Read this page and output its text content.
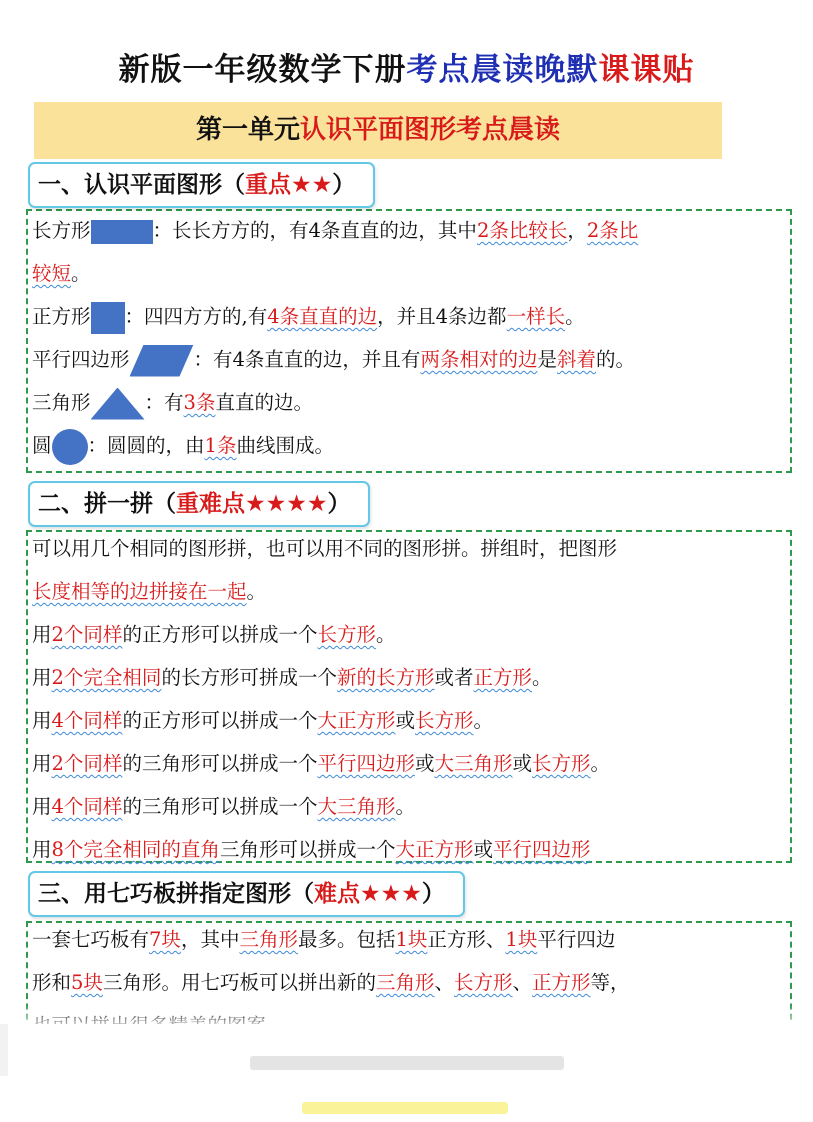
新版一年级数学下册考点晨读晚默课课贴
第一单元认识平面图形考点晨读
一、认识平面图形（重点★★）
长方形	：长长方方的，有4条直直的边，其中2条比较长，2条比
较短。
正方形 ：四四方方的,有4条直直的边，并且4条边都一样长。
平行四边形	：有4条直直的边，并且有两条相对的边是斜着的。
三角形	：有3条直直的边。
圆 ：圆圆的，由1条曲线围成。
二、拼一拼（重难点★★★★）
可以用几个相同的图形拼，也可以用不同的图形拼。拼组时，把图形
长度相等的边拼接在一起。
用2个同样的正方形可以拼成一个长方形。
用2个完全相同的长方形可拼成一个新的长方形或者正方形。
用4个同样的正方形可以拼成一个大正方形或长方形。
用2个同样的三角形可以拼成一个平行四边形或大三角形或长方形。
用4个同样的三角形可以拼成一个大三角形。
用8个完全相同的直角三角形可以拼成一个大正方形或平行四边形
三、用七巧板拼指定图形（难点★★★）
一套七巧板有7块，其中三角形最多。包括1块正方形、1块平行四边
形和5块三角形。用七巧板可以拼出新的三角形、长方形、正方形等，
